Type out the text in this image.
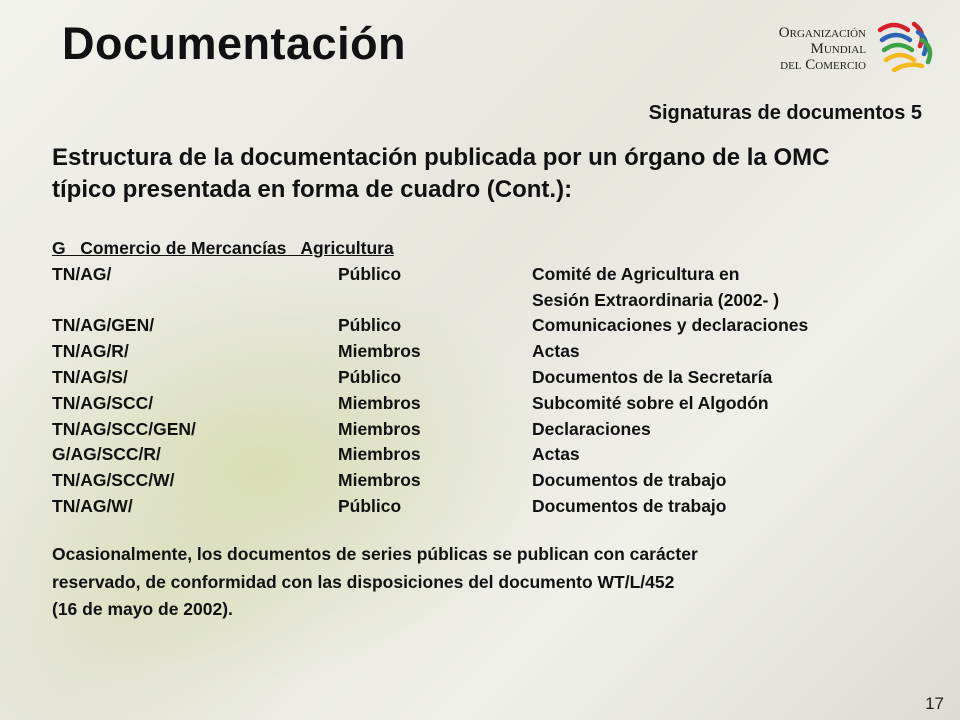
Documentación	Organización
Mundial
del Comercio
Signaturas de documentos 5
Estructura de la documentación publicada por un órgano de la OMC
típico presentada en forma de cuadro (Cont.):
G   Comercio de Mercancías   Agricultura
TN/AG/	Público	Comité de Agricultura en
Sesión Extraordinaria (2002- )
TN/AG/GEN/	Público	Comunicaciones y declaraciones
TN/AG/R/	Miembros	Actas
TN/AG/S/	Público	Documentos de la Secretaría
TN/AG/SCC/	Miembros	Subcomité sobre el Algodón
TN/AG/SCC/GEN/	Miembros	Declaraciones
G/AG/SCC/R/	Miembros	Actas
TN/AG/SCC/W/	Miembros	Documentos de trabajo
TN/AG/W/	Público	Documentos de trabajo
Ocasionalmente, los documentos de series públicas se publican con carácter
reservado, de conformidad con las disposiciones del documento WT/L/452
(16 de mayo de 2002).
17
